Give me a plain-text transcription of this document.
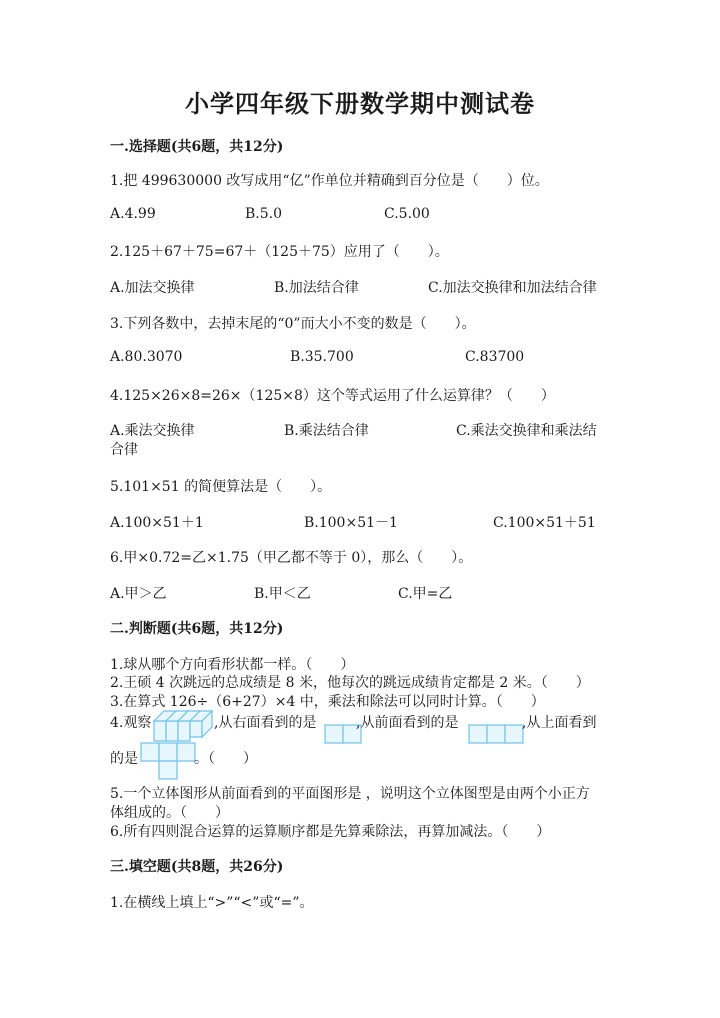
小学四年级下册数学期中测试卷
一.选择题(共6题，共12分)
1.把 499630000 改写成用“亿”作单位并精确到百分位是（　　）位。
A.4.99	B.5.0	C.5.00
2.125＋67＋75=67＋（125＋75）应用了（　　）。
A.加法交换律	B.加法结合律	C.加法交换律和加法结合律
3.下列各数中，去掉末尾的“0”而大小不变的数是（　　）。
A.80.3070	B.35.700	C.83700
4.125×26×8=26×（125×8）这个等式运用了什么运算律？（　　）
A.乘法交换律	B.乘法结合律	C.乘法交换律和乘法结
合律
5.101×51 的简便算法是（　　）。
A.100×51＋1	B.100×51－1	C.100×51＋51
6.甲×0.72=乙×1.75（甲乙都不等于 0），那么（　　）。
A.甲＞乙	B.甲＜乙	C.甲=乙
二.判断题(共6题，共12分)
1.球从哪个方向看形状都一样。（　　）
2.王硕 4 次跳远的总成绩是 8 米，他每次的跳远成绩肯定都是 2 米。（　　）
3.在算式 126÷（6+27）×4 中，乘法和除法可以同时计算。（　　）
4.观察	,从右面看到的是	,从前面看到的是	,从上面看到
的是	。（　　）
5.一个立体图形从前面看到的平面图形是 ，说明这个立体图型是由两个小正方
体组成的。（　　）
6.所有四则混合运算的运算顺序都是先算乘除法，再算加减法。（　　）
三.填空题(共8题，共26分)
1.在横线上填上“>”“<”或“=”。
